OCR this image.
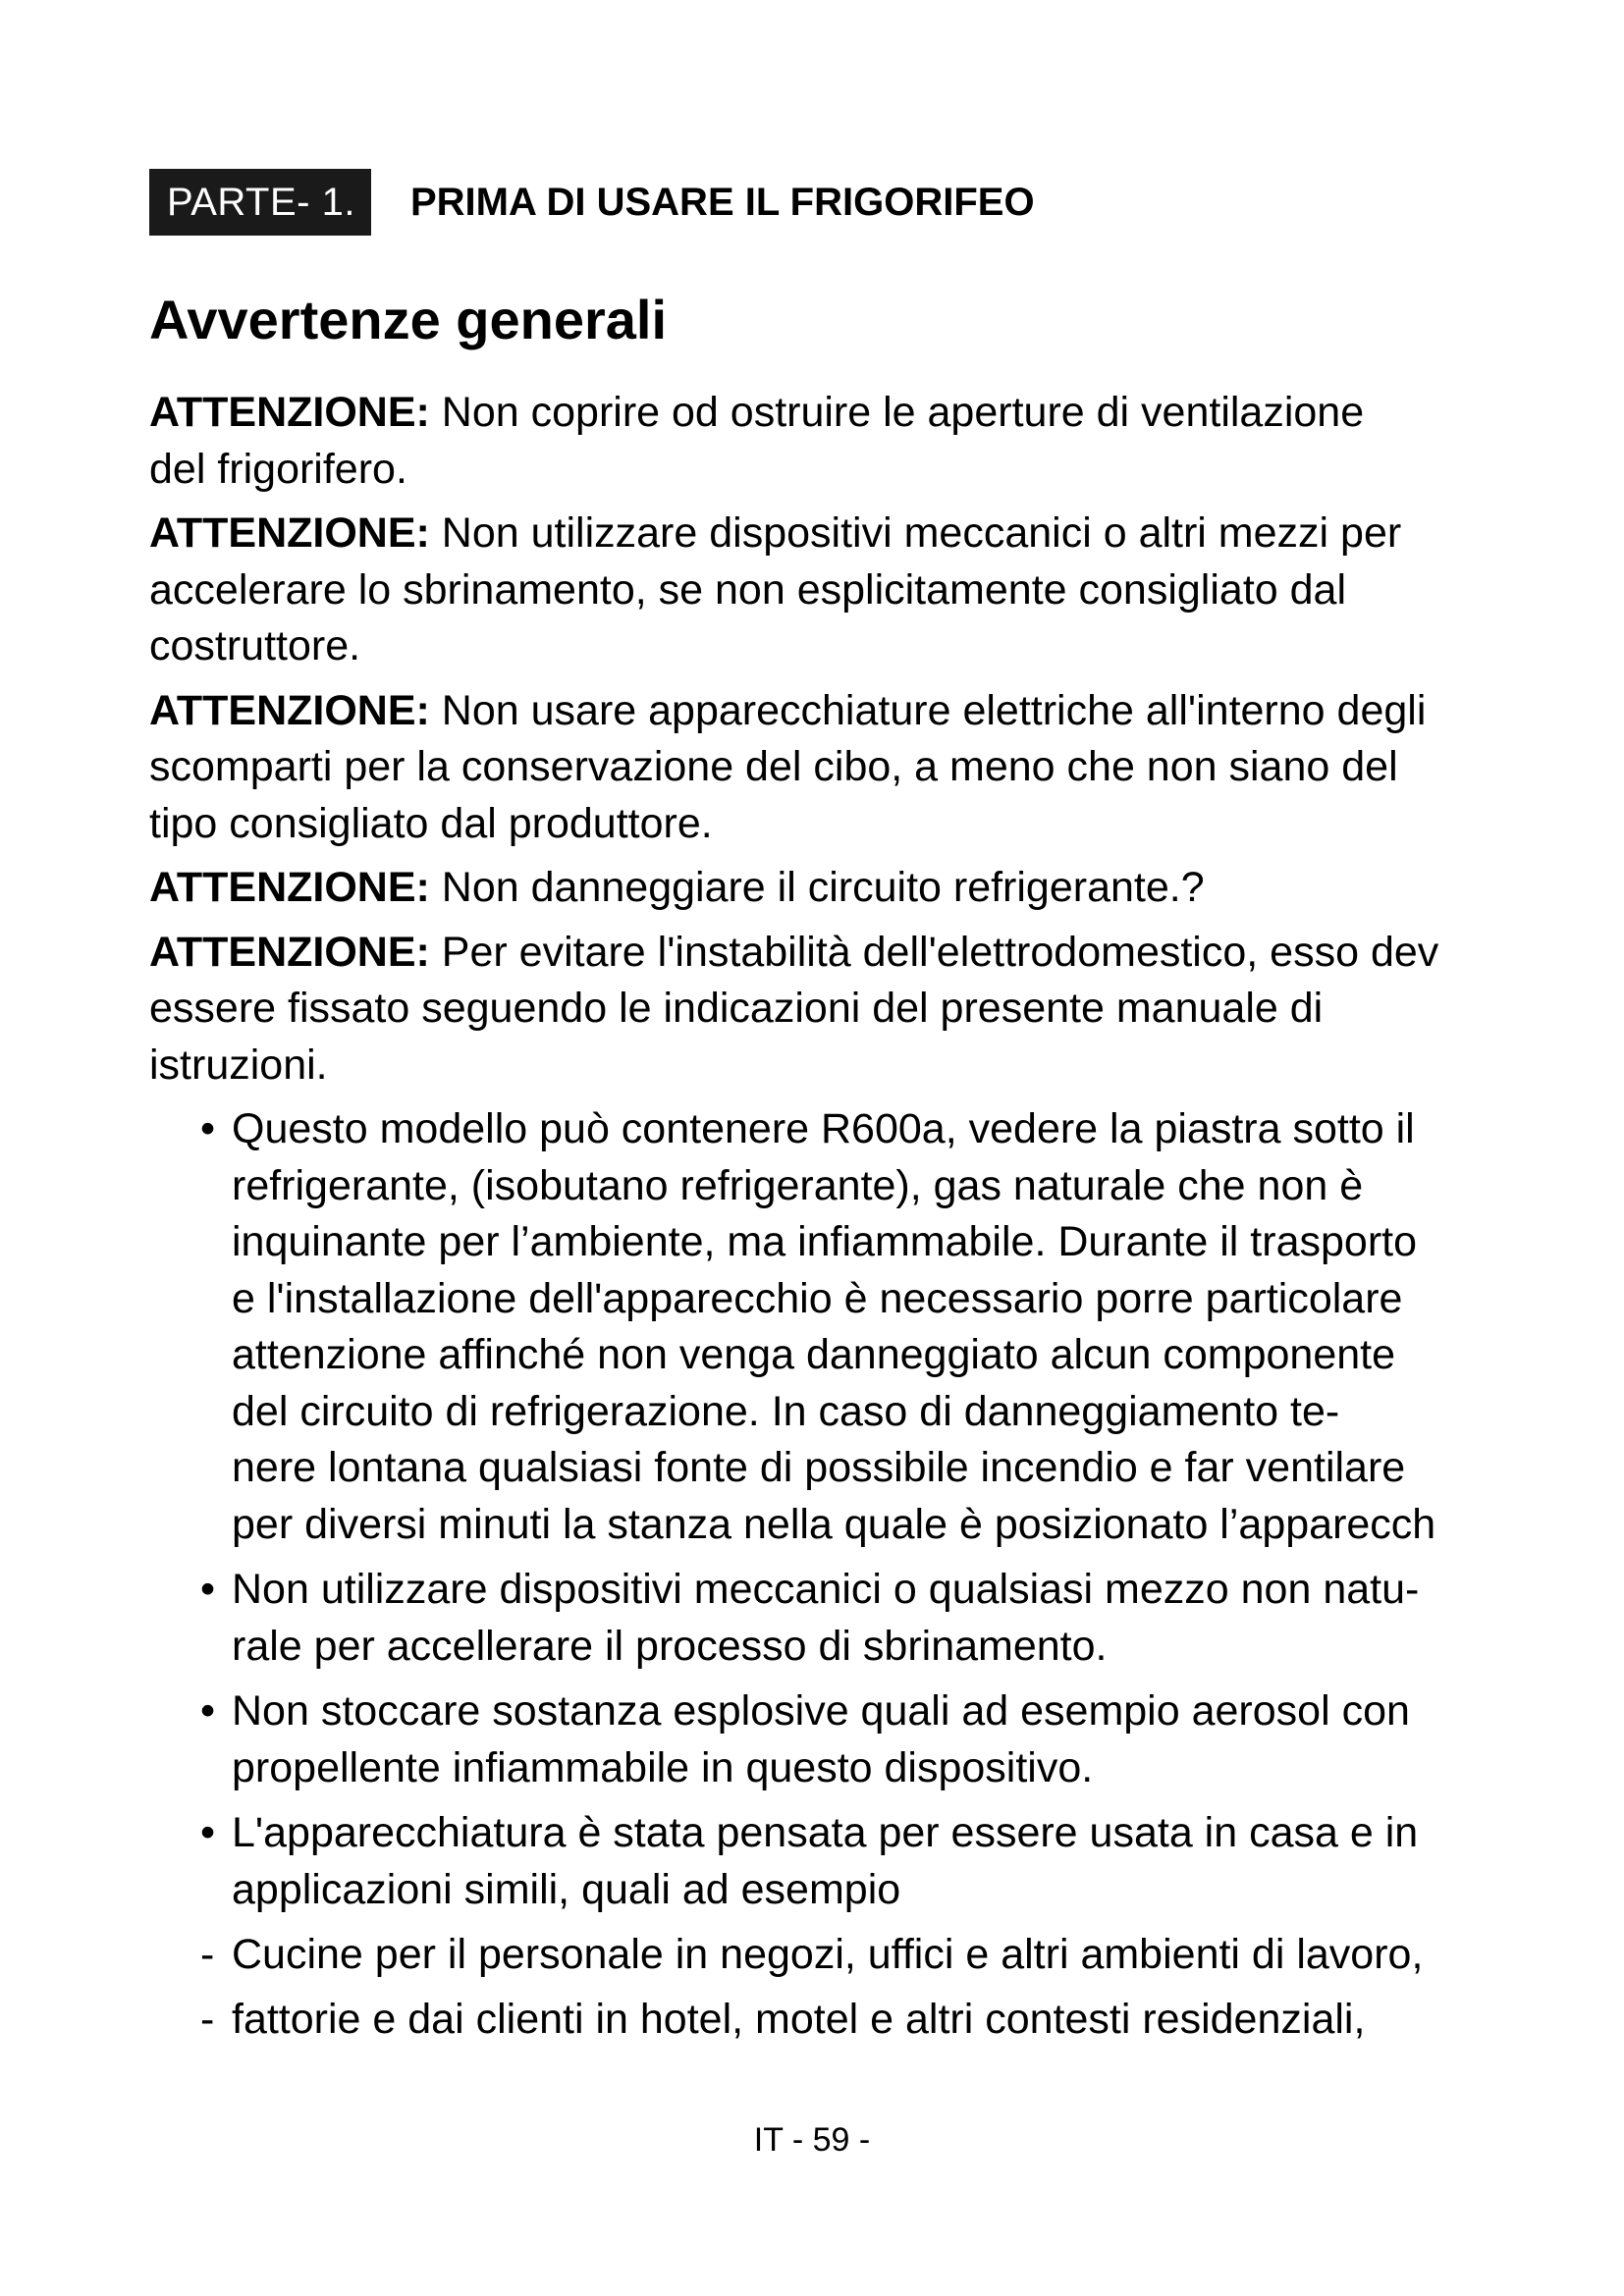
PARTE- 1.	PRIMA DI USARE IL FRIGORIFEO
Avvertenze generali

ATTENZIONE: Non coprire od ostruire le aperture di ventilazione
del frigorifero.

ATTENZIONE: Non utilizzare dispositivi meccanici o altri mezzi per
accelerare lo sbrinamento, se non esplicitamente consigliato dal
costruttore.

ATTENZIONE: Non usare apparecchiature elettriche all'interno degli
scomparti per la conservazione del cibo, a meno che non siano del
tipo consigliato dal produttore.

ATTENZIONE: Non danneggiare il circuito refrigerante.?

ATTENZIONE: Per evitare l'instabilità dell'elettrodomestico, esso dev
essere fissato seguendo le indicazioni del presente manuale di
istruzioni.

• Questo modello può contenere R600a, vedere la piastra sotto il
refrigerante, (isobutano refrigerante), gas naturale che non è
inquinante per l’ambiente, ma infiammabile. Durante il trasporto
e l'installazione dell'apparecchio è necessario porre particolare
attenzione affinché non venga danneggiato alcun componente
del circuito di refrigerazione. In caso di danneggiamento te-
nere lontana qualsiasi fonte di possibile incendio e far ventilare
per diversi minuti la stanza nella quale è posizionato l’apparecch
• Non utilizzare dispositivi meccanici o qualsiasi mezzo non natu-
rale per accellerare il processo di sbrinamento.
• Non stoccare sostanza esplosive quali ad esempio aerosol con
propellente infiammabile in questo dispositivo.
• L'apparecchiatura è stata pensata per essere usata in casa e in
applicazioni simili, quali ad esempio
- Cucine per il personale in negozi, uffici e altri ambienti di lavoro,
- fattorie e dai clienti in hotel, motel e altri contesti residenziali,
IT - 59 -
